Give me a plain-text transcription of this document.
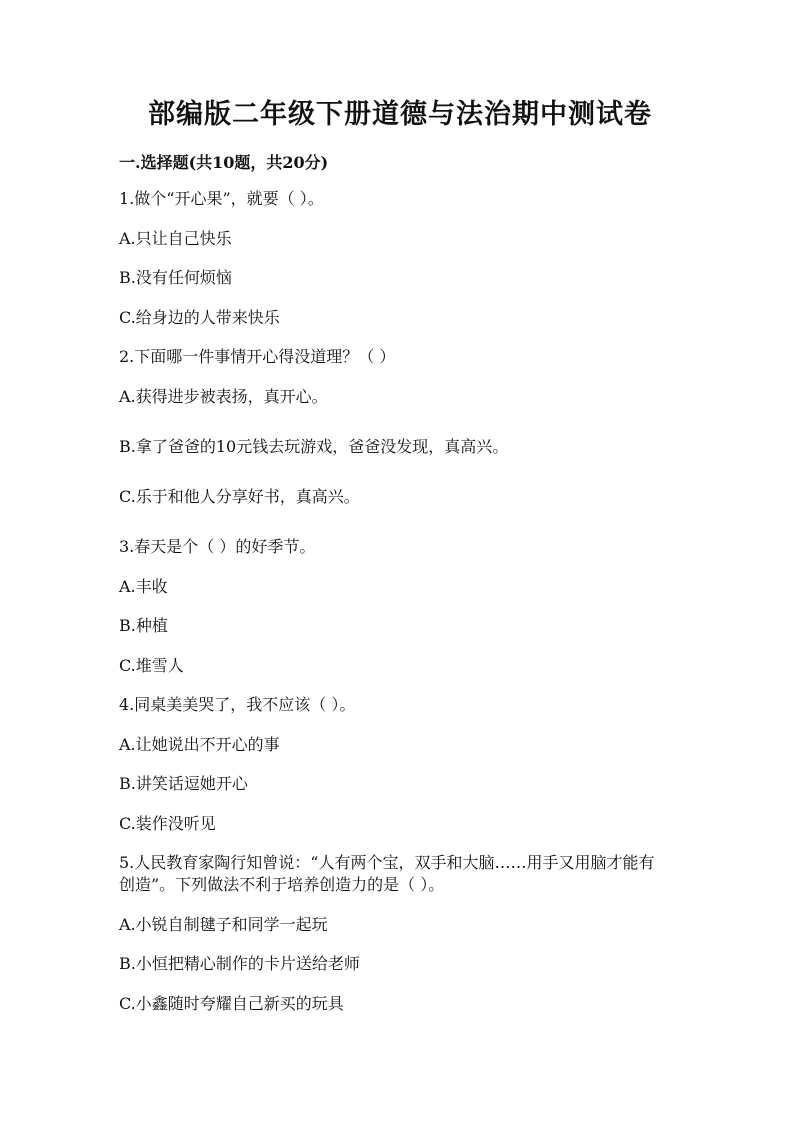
部编版二年级下册道德与法治期中测试卷
一.选择题(共10题，共20分)
1.做个“开心果”，就要（ ）。
A.只让自己快乐
B.没有任何烦恼
C.给身边的人带来快乐
2.下面哪一件事情开心得没道理？（ ）
A.获得进步被表扬，真开心。
B.拿了爸爸的10元钱去玩游戏，爸爸没发现，真高兴。
C.乐于和他人分享好书，真高兴。
3.春天是个（ ）的好季节。
A.丰收
B.种植
C.堆雪人
4.同桌美美哭了，我不应该（ ）。
A.让她说出不开心的事
B.讲笑话逗她开心
C.装作没听见
5.人民教育家陶行知曾说：“人有两个宝，双手和大脑……用手又用脑才能有
创造”。下列做法不利于培养创造力的是（ ）。
A.小锐自制毽子和同学一起玩
B.小恒把精心制作的卡片送给老师
C.小鑫随时夸耀自己新买的玩具
